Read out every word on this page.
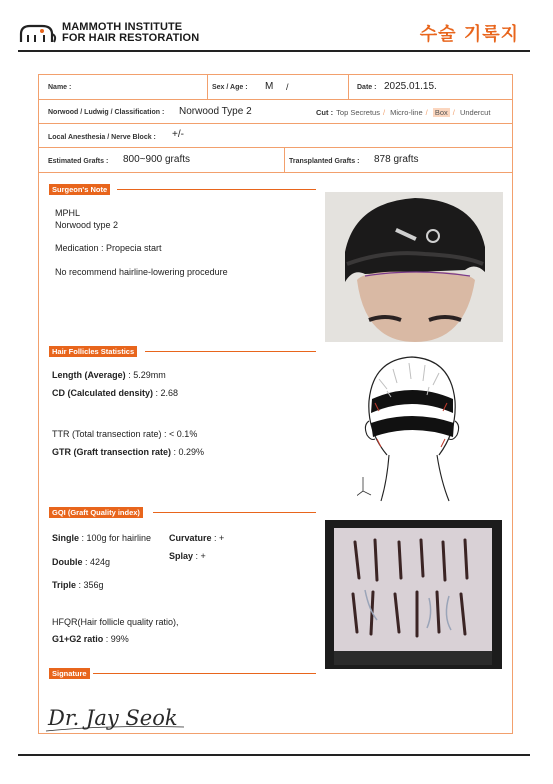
MAMMOTH INSTITUTE
FOR HAIR RESTORATION	수술 기록지
Name :	Sex / Age : M /	Date : 2025.01.15.
Norwood / Ludwig / Classification : Norwood Type 2	Cut : Top Secretus / Micro-line / Box / Undercut
Local Anesthesia / Nerve Block : +/-
Estimated Grafts : 800~900 grafts	Transplanted Grafts : 878 grafts
Surgeon's Note
MPHL
Norwood type 2
Medication : Propecia start
No recommend hairline-lowering procedure
Hair Follicles Statistics
Length (Average) : 5.29mm
CD (Calculated density) : 2.68
TTR (Total transection rate) : < 0.1%
GTR (Graft transection rate) : 0.29%
GQI (Graft Quality index)
Single : 100g for hairline Curvature : +
Splay : +
Double : 424g
Triple : 356g
HFQR(Hair follicle quality ratio),
G1+G2 ratio : 99%
Signature
Dr. Jay Seok
